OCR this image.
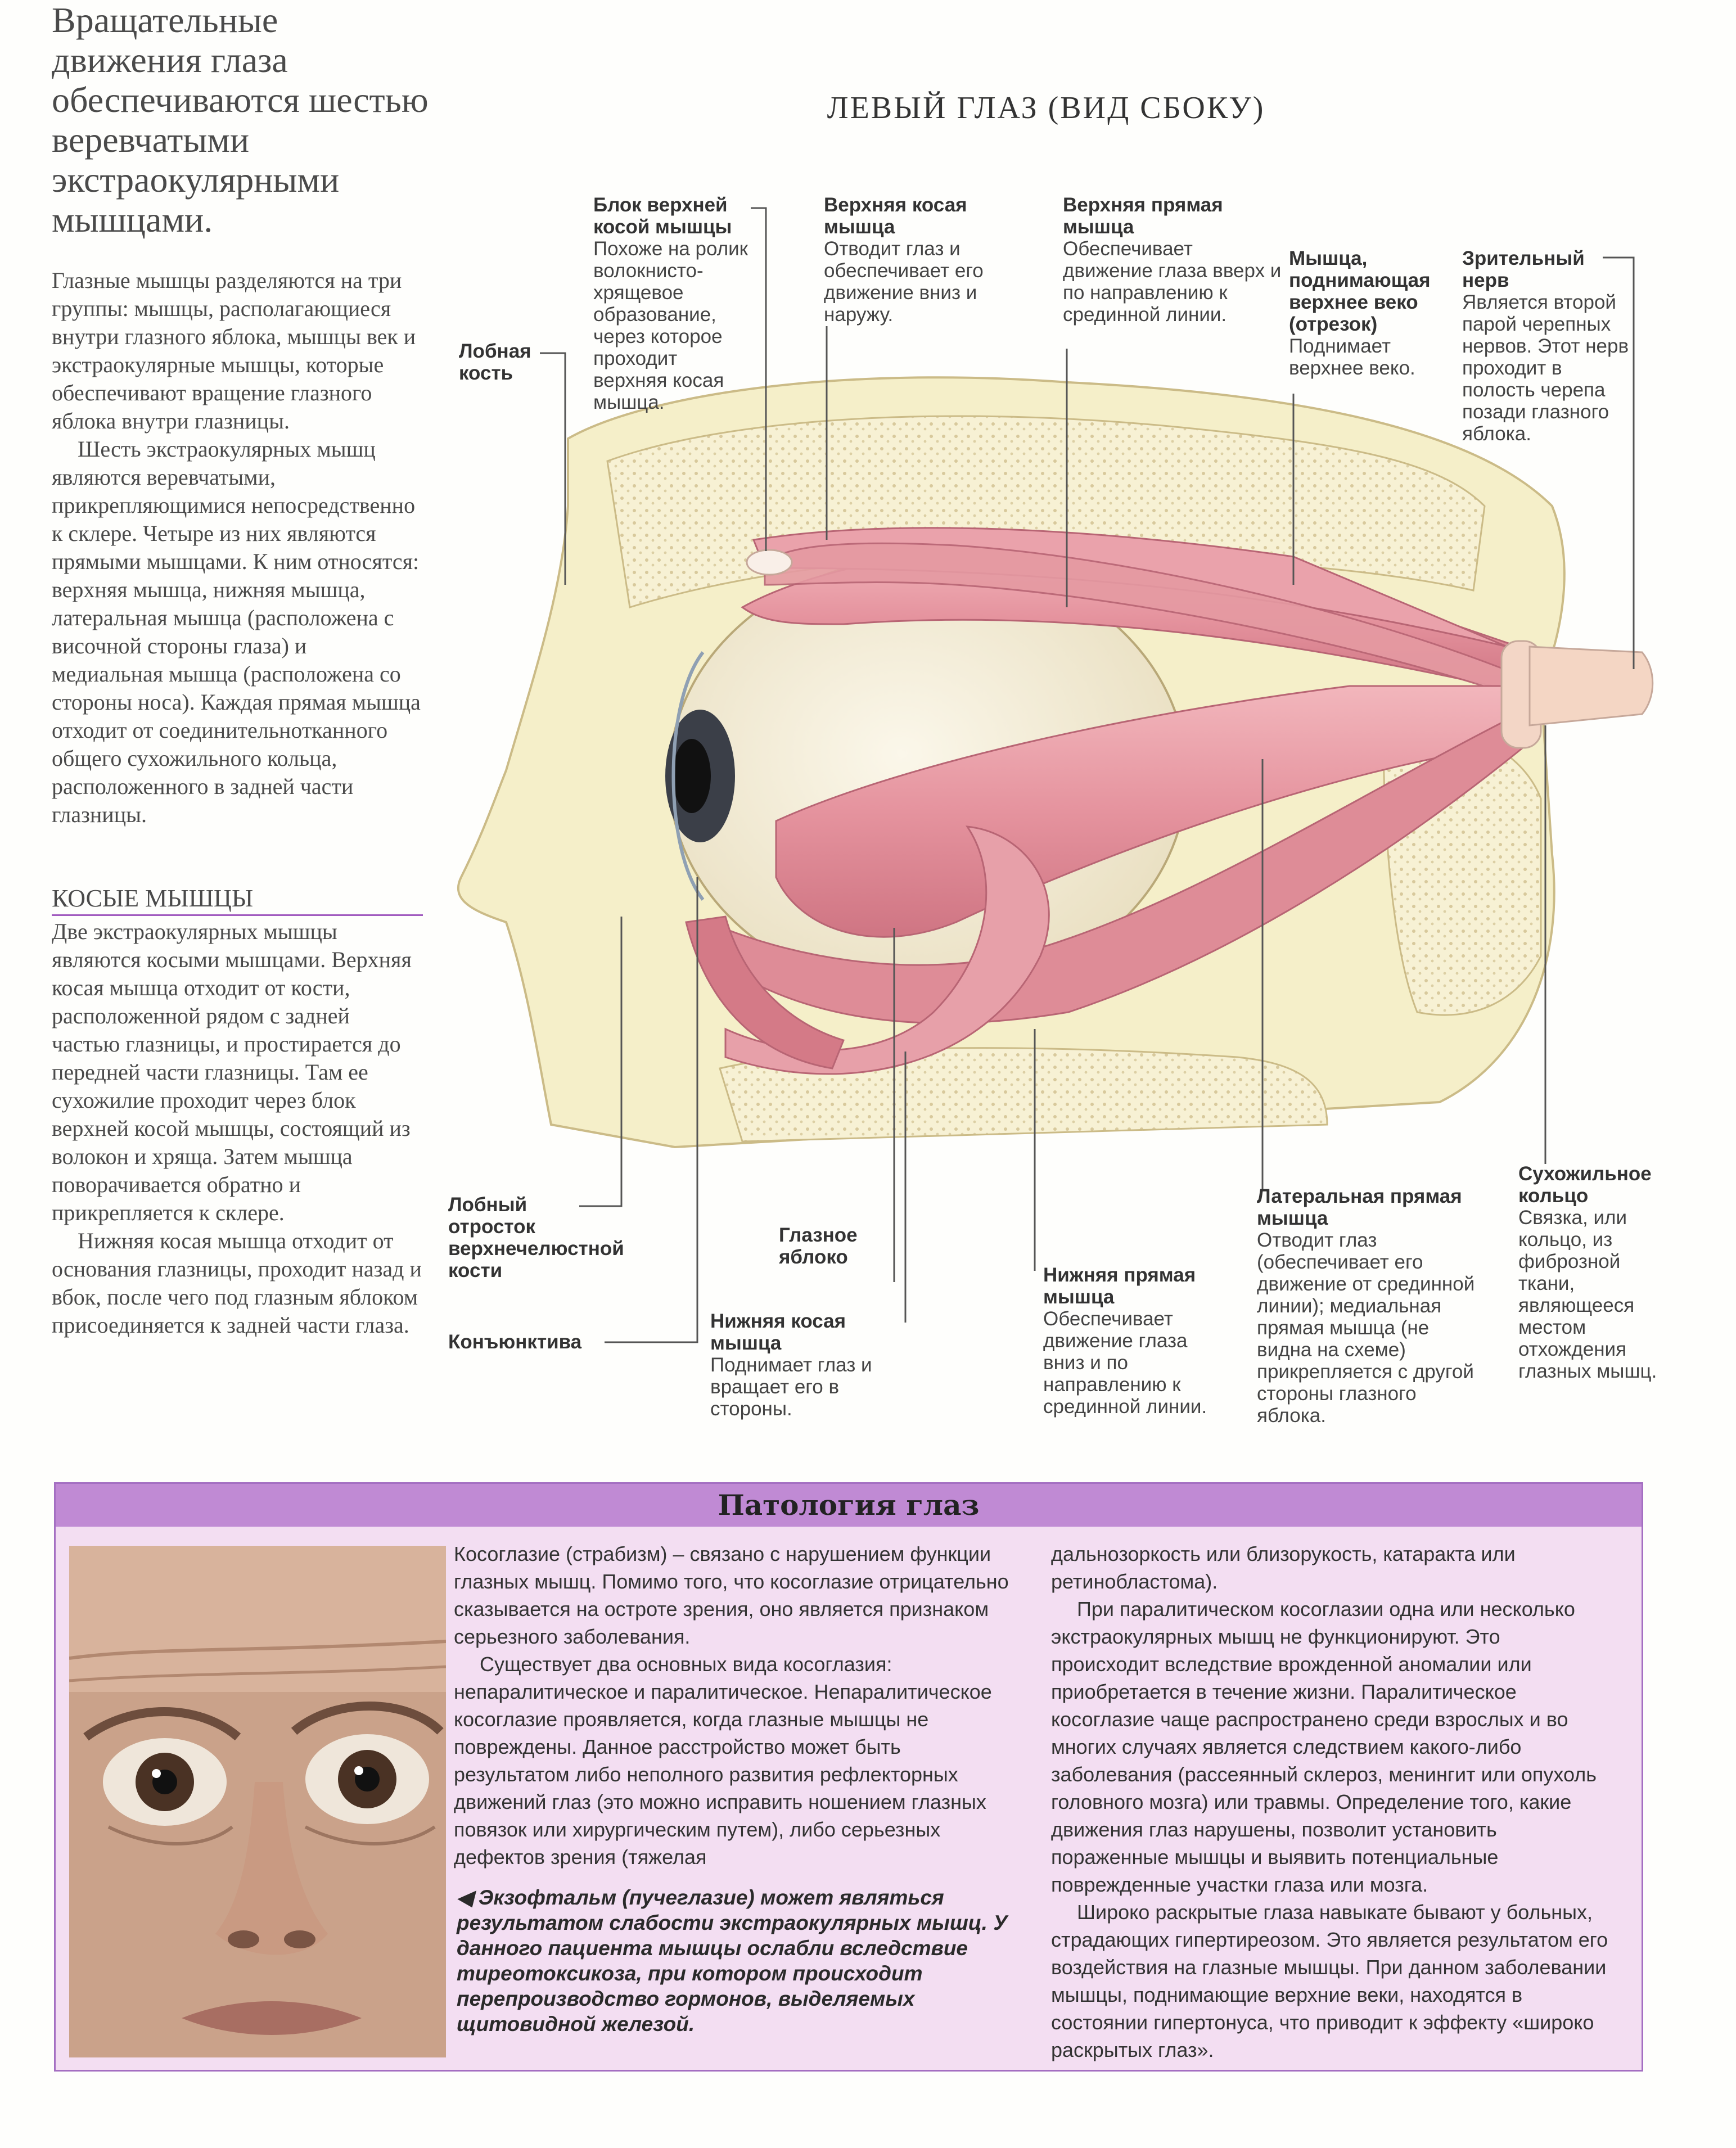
Вращательные движения глаза обеспечиваются шестью веревчатыми экстраокулярными мышцами.

Глазные мышцы разделяются на три группы: мышцы, располагающиеся внутри глазного яблока, мышцы век и экстраокулярные мышцы, которые обеспечивают вращение глазного яблока внутри глазницы.

Шесть экстраокулярных мышц являются веревчатыми, прикрепляющимися непосредственно к склере. Четыре из них являются прямыми мышцами. К ним относятся: верхняя мышца, нижняя мышца, латеральная мышца (расположена с височной стороны глаза) и медиальная мышца (расположена со стороны носа). Каждая прямая мышца отходит от соединительнотканного общего сухожильного кольца, расположенного в задней части глазницы.

КОСЫЕ МЫШЦЫ

Две экстраокулярных мышцы являются косыми мышцами. Верхняя косая мышца отходит от кости, расположенной рядом с задней частью глазницы, и простирается до передней части глазницы. Там ее сухожилие проходит через блок верхней косой мышцы, состоящий из волокон и хряща. Затем мышца поворачивается обратно и прикрепляется к склере.

Нижняя косая мышца отходит от основания глазницы, проходит назад и вбок, после чего под глазным яблоком присоединяется к задней части глаза.

ЛЕВЫЙ ГЛАЗ (ВИД СБОКУ)
Лобная кость
Блок верхней косой мышцы
Похоже на ролик волокнисто-хрящевое образование, через которое проходит верхняя косая мышца.
Верхняя косая мышца
Отводит глаз и обеспечивает его движение вниз и наружу.
Верхняя прямая мышца
Обеспечивает движение глаза вверх и по направлению к срединной линии.
Мышца, поднимающая верхнее веко (отрезок)
Поднимает верхнее веко.
Зрительный нерв
Является второй парой черепных нервов. Этот нерв проходит в полость черепа позади глазного яблока.
Лобный отросток верхнечелюстной кости
Конъюнктива
Глазное яблоко
Нижняя косая мышца
Поднимает глаз и вращает его в стороны.
Нижняя прямая мышца
Обеспечивает движение глаза вниз и по направлению к срединной линии.
Латеральная прямая мышца
Отводит глаз (обеспечивает его движение от срединной линии); медиальная прямая мышца (не видна на схеме) прикрепляется с другой стороны глазного яблока.
Сухожильное кольцо
Связка, или кольцо, из фиброзной ткани, являющееся местом отхождения глазных мышц.
Патология глаз

Косоглазие (страбизм) – связано с нарушением функции глазных мышц. Помимо того, что косоглазие отрицательно сказывается на остроте зрения, оно является признаком серьезного заболевания.

Существует два основных вида косоглазия: непаралитическое и паралитическое. Непаралитическое косоглазие проявляется, когда глазные мышцы не повреждены. Данное расстройство может быть результатом либо неполного развития рефлекторных движений глаз (это можно исправить ношением глазных повязок или хирургическим путем), либо серьезных дефектов зрения (тяжелая

дальнозоркость или близорукость, катаракта или ретинобластома).

При паралитическом косоглазии одна или несколько экстраокулярных мышц не функционируют. Это происходит вследствие врожденной аномалии или приобретается в течение жизни. Паралитическое косоглазие чаще распространено среди взрослых и во многих случаях является следствием какого-либо заболевания (рассеянный склероз, менингит или опухоль головного мозга) или травмы. Определение того, какие движения глаз нарушены, позволит установить пораженные мышцы и выявить потенциальные поврежденные участки глаза или мозга.

Широко раскрытые глаза навыкате бывают у больных, страдающих гипертиреозом. Это является результатом его воздействия на глазные мышцы. При данном заболевании мышцы, поднимающие верхние веки, находятся в состоянии гипертонуса, что приводит к эффекту «широко раскрытых глаз».

◀ Экзофтальм (пучеглазие) может являться результатом слабости экстраокулярных мышц. У данного пациента мышцы ослабли вследствие тиреотоксикоза, при котором происходит перепроизводство гормонов, выделяемых щитовидной железой.
